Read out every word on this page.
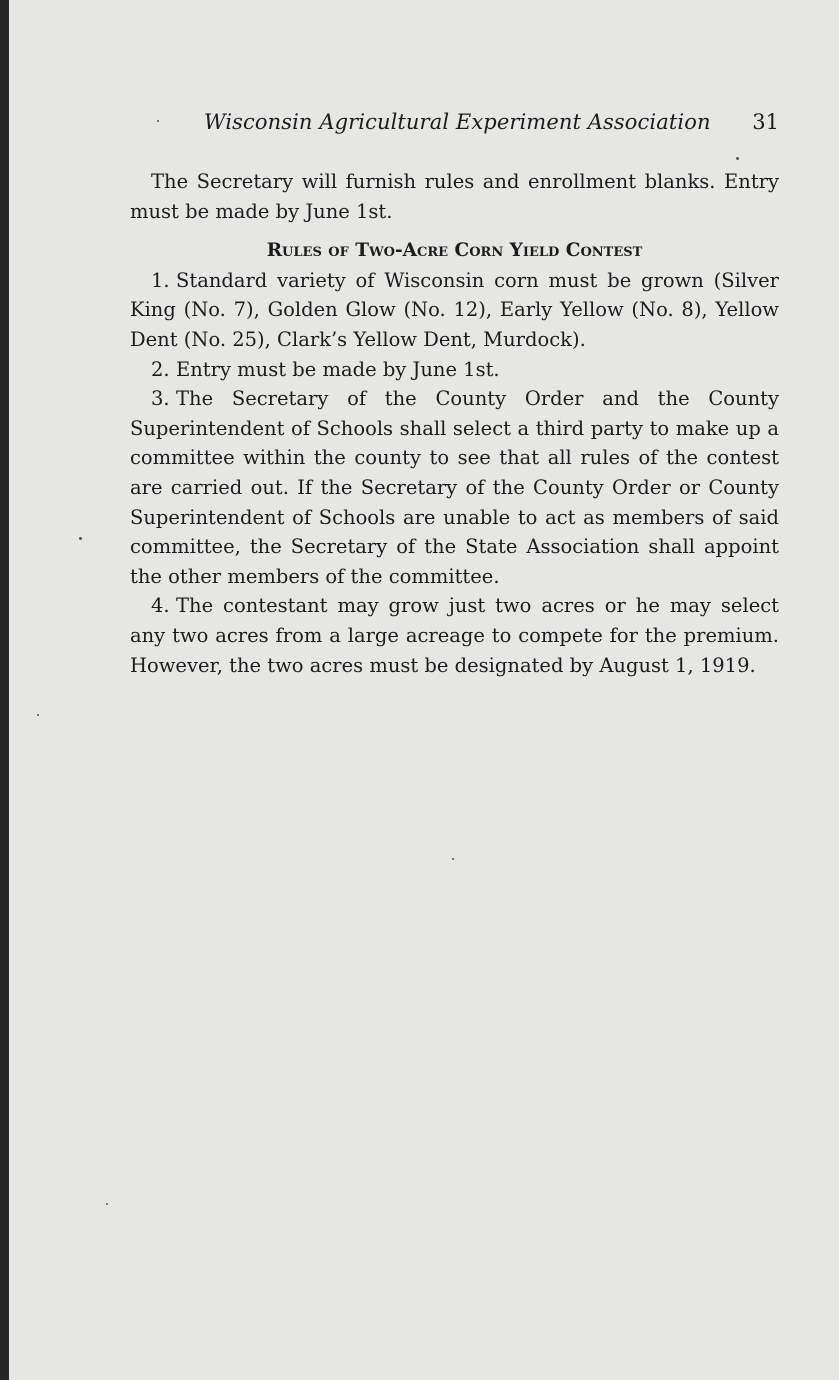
Wisconsin Agricultural Experiment Association 31

The Secretary will furnish rules and enrollment blanks. Entry must be made by June 1st.

Rules of Two-Acre Corn Yield Contest

1. Standard variety of Wisconsin corn must be grown (Silver King (No. 7), Golden Glow (No. 12), Early Yellow (No. 8), Yellow Dent (No. 25), Clark’s Yellow Dent, Murdock).

2. Entry must be made by June 1st.

3. The Secretary of the County Order and the County Superintendent of Schools shall select a third party to make up a committee within the county to see that all rules of the contest are carried out. If the Secretary of the County Order or County Superintendent of Schools are unable to act as members of said committee, the Secretary of the State Association shall appoint the other members of the committee.

4. The contestant may grow just two acres or he may select any two acres from a large acreage to compete for the premium. However, the two acres must be designated by August 1, 1919.
